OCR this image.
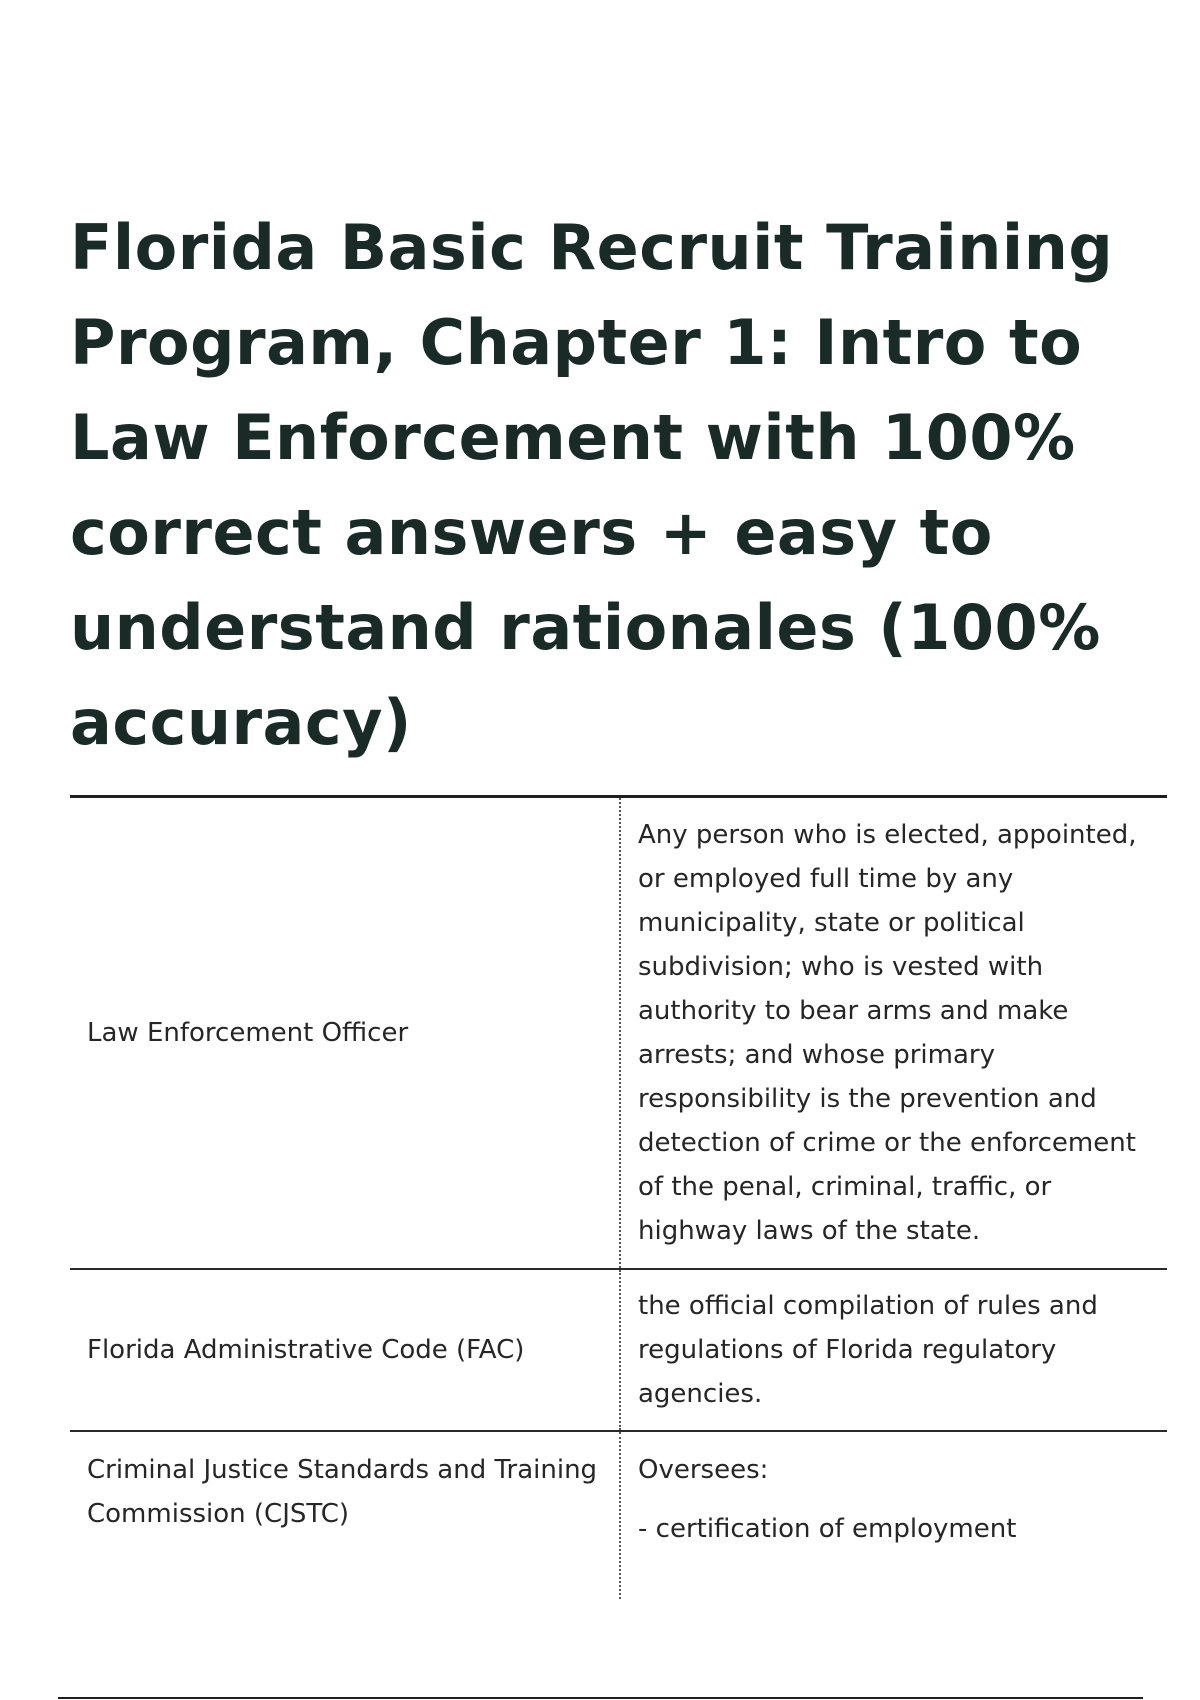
Florida Basic Recruit Training Program, Chapter 1: Intro to Law Enforcement with 100% correct answers + easy to understand rationales (100% accuracy)
Law Enforcement Officer	Any person who is elected, appointed, or employed full time by any municipality, state or political subdivision; who is vested with authority to bear arms and make arrests; and whose primary responsibility is the prevention and detection of crime or the enforcement of the penal, criminal, traffic, or highway laws of the state.
Florida Administrative Code (FAC)	the official compilation of rules and regulations of Florida regulatory agencies.
Criminal Justice Standards and Training Commission (CJSTC)	Oversees:
- certification of employment
